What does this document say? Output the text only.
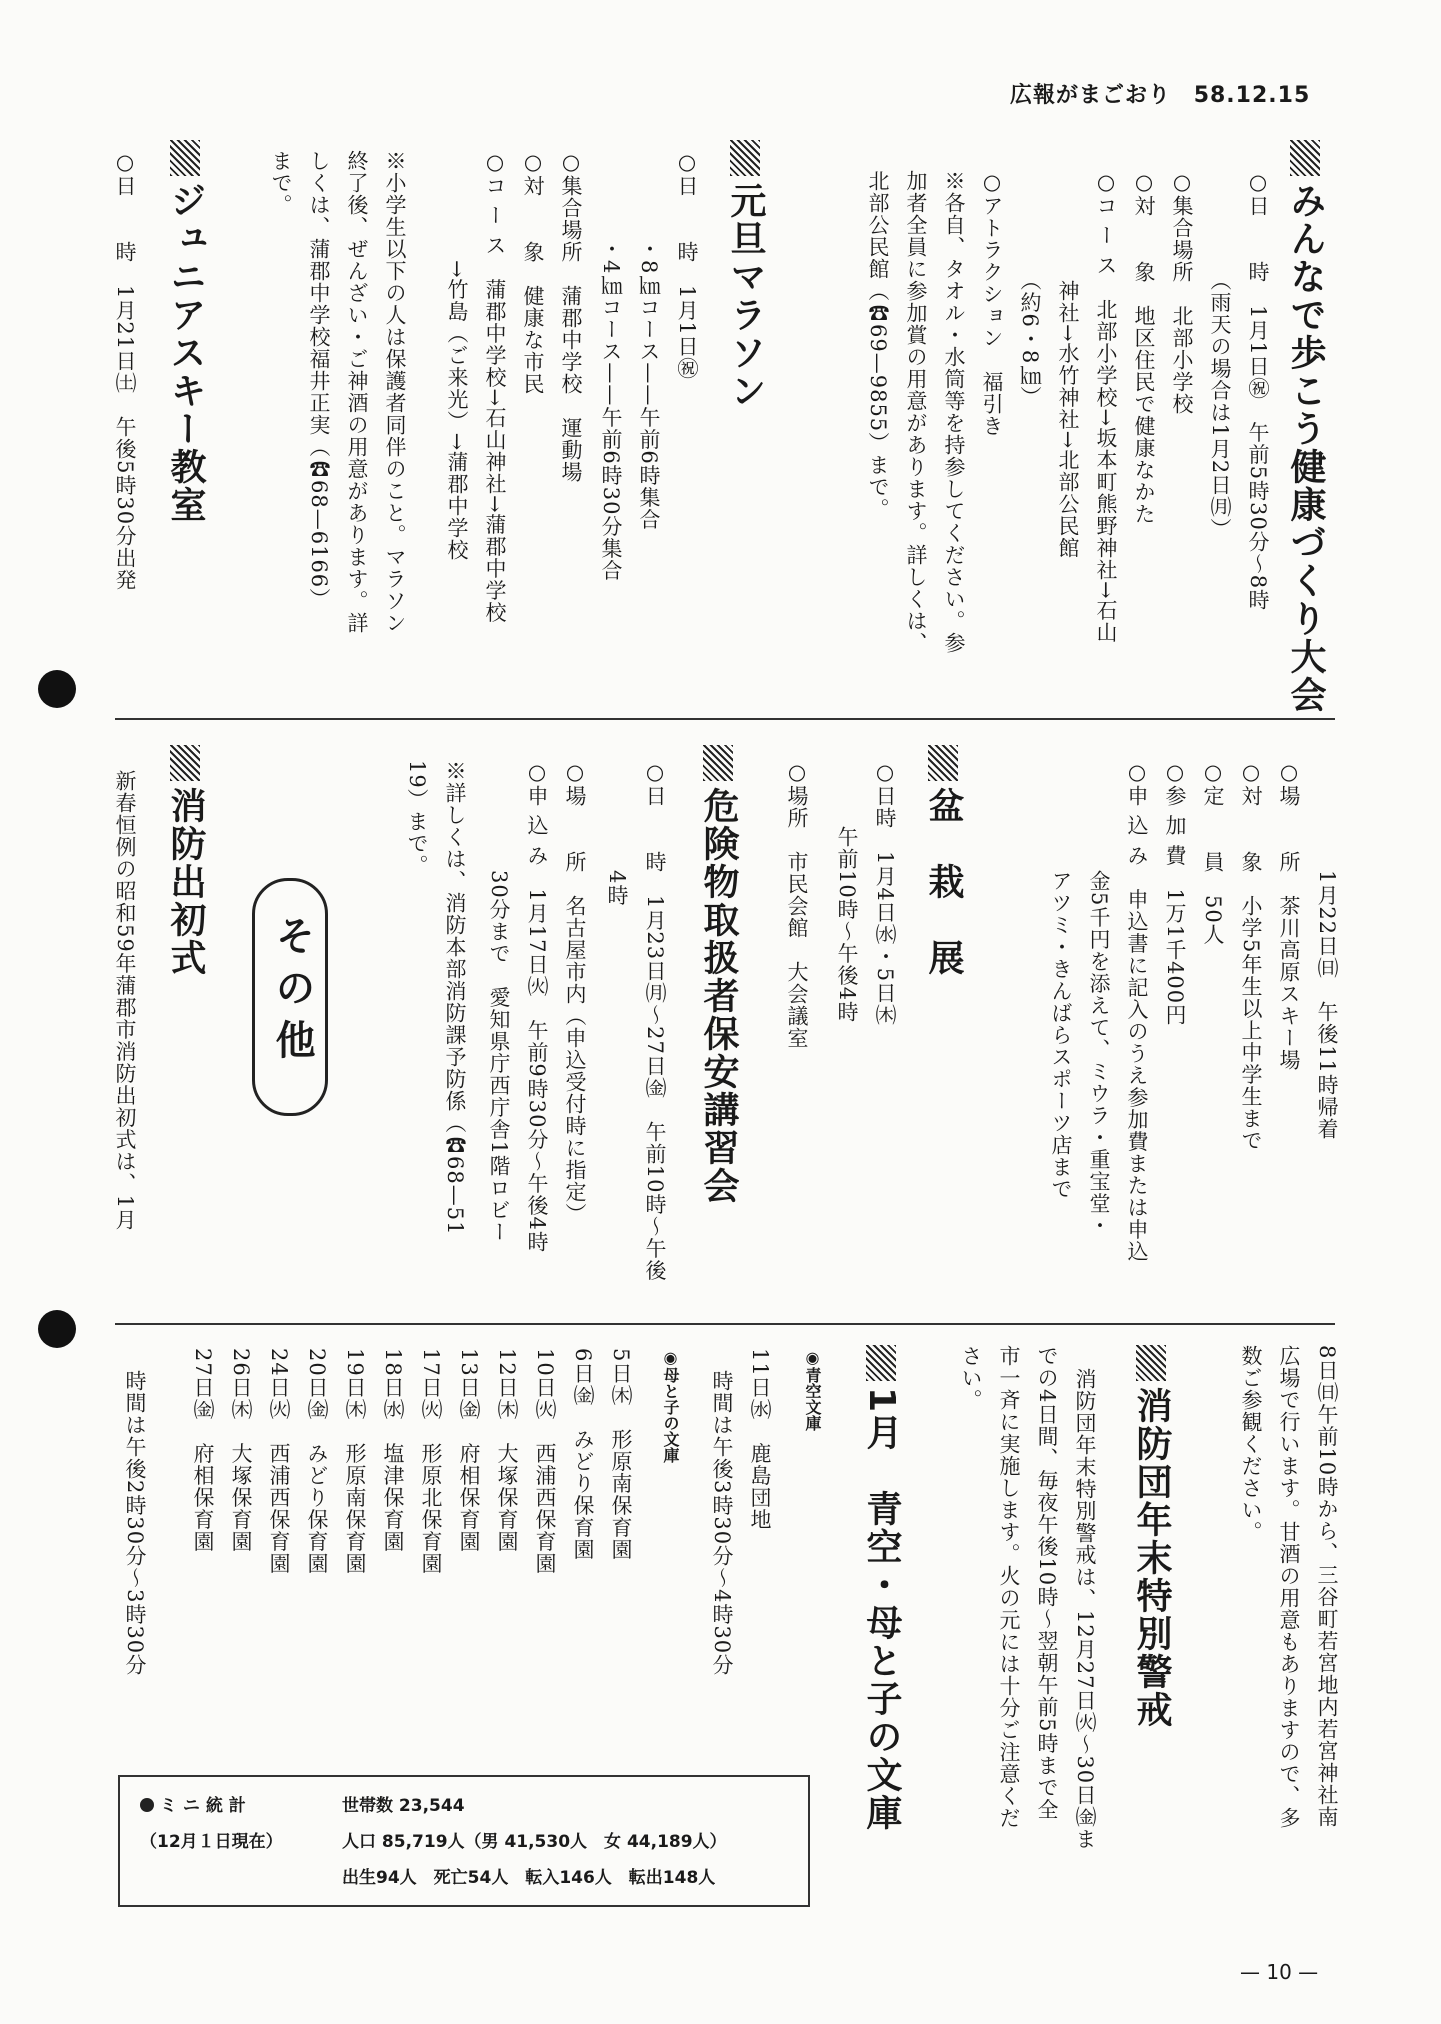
広報がまごおり 58.12.15
みんなで歩こう健康づくり大会
○日　　時　1月1日㊗　午前5時30分〜8時
　　　　　（雨天の場合は1月2日㈪）
○集合場所　北部小学校
○対　　象　地区住民で健康なかた
○コ ー ス　北部小学校→坂本町熊野神社→石山
　　　　　神社→水竹神社→北部公民館
　　　　　（約6・8㎞）
○アトラクション　福引き
※各自、タオル・水筒等を持参してください。参
加者全員に参加賞の用意があります。詳しくは、
北部公民館（☎69—9855）まで。
元旦マラソン
○日　　時　1月1日㊗
　　　　・8㎞コース——午前6時集合
　　　　・4㎞コース——午前6時30分集合
○集合場所　蒲郡中学校　運動場
○対　　象　健康な市民
○コ ー ス　蒲郡中学校→石山神社→蒲郡中学校
　　　　　→竹島（ご来光）→蒲郡中学校
※小学生以下の人は保護者同伴のこと。マラソン
終了後、ぜんざい・ご神酒の用意があります。詳
しくは、蒲郡中学校福井正実（☎68—6166）
まで。
ジュニアスキー教室
○日　　時　1月21日㈯　午後5時30分出発
　　　　　1月22日㈰　午後11時帰着
○場　　所　茶川高原スキー場
○対　　象　小学5年生以上中学生まで
○定　　員　50人
○参 加 費　1万1千400円
○申 込 み　申込書に記入のうえ参加費または申込
　　　　　金5千円を添えて、ミウラ・重宝堂・
　　　　　アツミ・きんばらスポーツ店まで
盆　栽　展
○日時　1月4日㈬・5日㈭
　　　午前10時〜午後4時
○場所　市民会館　大会議室
危険物取扱者保安講習会
○日　　時　1月23日㈪〜27日㈮　午前10時〜午後
　　　　　4時
○場　　所　名古屋市内（申込受付時に指定）
○申 込 み　1月17日㈫　午前9時30分〜午後4時
　　　　　30分まで　愛知県庁西庁舎1階ロビー
※詳しくは、消防本部消防課予防係（☎68—51
19）まで。
その他
消防出初式
新春恒例の昭和59年蒲郡市消防出初式は、1月
8日㈰午前10時から、三谷町若宮地内若宮神社南
広場で行います。甘酒の用意もありますので、多
数ご参観ください。
消防団年末特別警戒
消防団年末特別警戒は、12月27日㈫〜30日㈮ま
での4日間、毎夜午後10時〜翌朝午前5時まで全
市一斉に実施します。火の元には十分ご注意くだ
さい。
1月　青空・母と子の文庫
◉青空文庫
11日㈬　鹿島団地
時間は午後3時30分〜4時30分
◉母と子の文庫
5日㈭　形原南保育園
6日㈮　みどり保育園
10日㈫　西浦西保育園
12日㈭　大塚保育園
13日㈮　府相保育園
17日㈫　形原北保育園
18日㈬　塩津保育園
19日㈭　形原南保育園
20日㈮　みどり保育園
24日㈫　西浦西保育園
26日㈭　大塚保育園
27日㈮　府相保育園
時間は午後2時30分〜3時30分
ミ ニ 統 計	世帯数 23,544
（12月１日現在）	人口 85,719人（男 41,530人　女 44,189人）
出生94人　死亡54人　転入146人　転出148人
— 10 —
